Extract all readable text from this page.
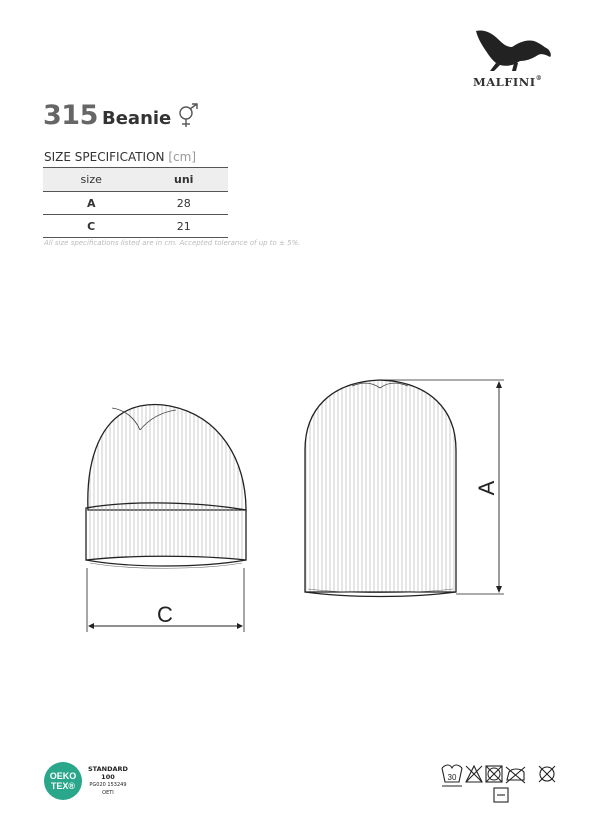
MALFINI®
315 Beanie
SIZE SPECIFICATION [cm]
size	uni
A	28
C	21
All size specifications listed are in cm. Accepted tolerance of up to ± 5%.
C
A
OEKO
TEX®
STANDARD
100
PG020 153249
OETI
30
